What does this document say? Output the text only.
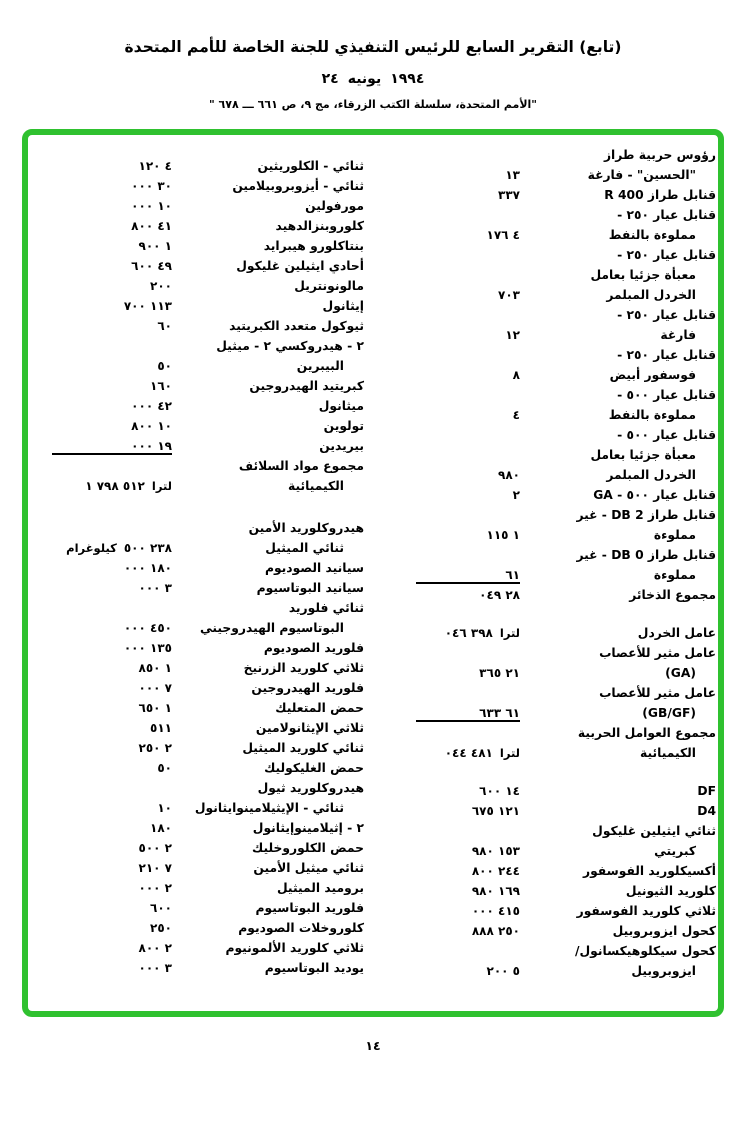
(تابع) التقرير السابع للرئيس التنفيذي للجنة الخاصة للأمم المتحدة
٢٤ يونيه ١٩٩٤
"الأمم المتحدة، سلسلة الكتب الزرقاء، مج ٩، ص ٦٦١ ـــ ٦٧٨ "
رؤوس حربية طراز
"الحسين" - فارغة
١٣
قنابل طراز R 400
٣٣٧
قنابل عيار ٢٥٠ -
مملوءة بالنفط
٤ ١٧٦
قنابل عيار ٢٥٠ -
معبأة جزئيا بعامل
الخردل المبلمر
٧٠٣
قنابل عيار ٢٥٠ -
فارغة
١٢
قنابل عيار ٢٥٠ -
فوسفور أبيض
٨
قنابل عيار ٥٠٠ -
مملوءة بالنفط
٤
قنابل عيار ٥٠٠ -
معبأة جزئيا بعامل
الخردل المبلمر
٩٨٠
قنابل عيار ٥٠٠ - GA
٢
قنابل طراز DB 2 - غير
مملوءة
١ ١١٥
قنابل طراز DB 0 - غير
مملوءة
٦١
مجموع الذخائر
٢٨ ٠٤٩
عامل الخردل
٣٩٨ ٠٤٦ لترا
عامل مثير للأعصاب
(GA)
٢١ ٣٦٥
عامل مثير للأعصاب
(GB/GF)
٦١ ٦٣٣
مجموع العوامل الحربية
الكيميائية
٤٨١ ٠٤٤ لترا
DF
١٤ ٦٠٠
D4
١٢١ ٦٧٥
ثنائي ايثيلين غليكول
كبريتي
١٥٣ ٩٨٠
أكسيكلوريد الفوسفور
٢٤٤ ٨٠٠
كلوريد الثيونيل
١٦٩ ٩٨٠
ثلاثي كلوريد الفوسفور
٤١٥ ٠٠٠
كحول ايزوبروبيل
٢٥٠ ٨٨٨
كحول سيكلوهيكسانول/
ايزوبروبيل
٥ ٢٠٠
ثنائي - الكلوريثين
٤ ١٢٠
ثنائي - أيزوبروبيلامين
٣٠ ٠٠٠
مورفولين
١٠ ٠٠٠
كلوروبنزالدهيد
٤١ ٨٠٠
بنتاكلورو هيبرايد
١ ٩٠٠
أحادي ايثيلين غليكول
٤٩ ٦٠٠
مالونونتريل
٢٠٠
إيثانول
١١٣ ٧٠٠
ثيوكول متعدد الكبريتيد
٦٠
٢ - هيدروكسي ٢ - ميثيل
البيبرين
٥٠
كبريتيد الهيدروجين
١٦٠
ميثانول
٤٢ ٠٠٠
تولوين
١٠ ٨٠٠
بيريدين
١٩ ٠٠٠
مجموع مواد السلائف
الكيميائية
٥١٢ ٧٩٨ ١ لترا
هيدروكلوريد الأمين
ثنائي الميثيل
كيلوغرام ٢٣٨ ٥٠٠
سيانيد الصوديوم
١٨٠ ٠٠٠
سيانيد البوتاسيوم
٣ ٠٠٠
ثنائي فلوريد
البوتاسيوم الهيدروجيني
٤٥٠ ٠٠٠
فلوريد الصوديوم
١٣٥ ٠٠٠
ثلاثي كلوريد الزرنيخ
١ ٨٥٠
فلوريد الهيدروجين
٧ ٠٠٠
حمض المتعليك
١ ٦٥٠
ثلاثي الإيثانولامين
٥١١
ثنائي كلوريد الميثيل
٢ ٢٥٠
حمض الغليكوليك
٥٠
هيدروكلوريد ثيول
ثنائي - الإيثيلامينوايثانول
١٠
٢ - إثيلامينوإيثانول
١٨٠
حمض الكلوروخليك
٢ ٥٠٠
ثنائي ميثيل الأمين
٧ ٢١٠
بروميد الميثيل
٢ ٠٠٠
فلوريد البوتاسيوم
٦٠٠
كلوروخلات الصوديوم
٢٥٠
ثلاثي كلوريد الألمونيوم
٢ ٨٠٠
يوديد البوتاسيوم
٣ ٠٠٠
١٤
